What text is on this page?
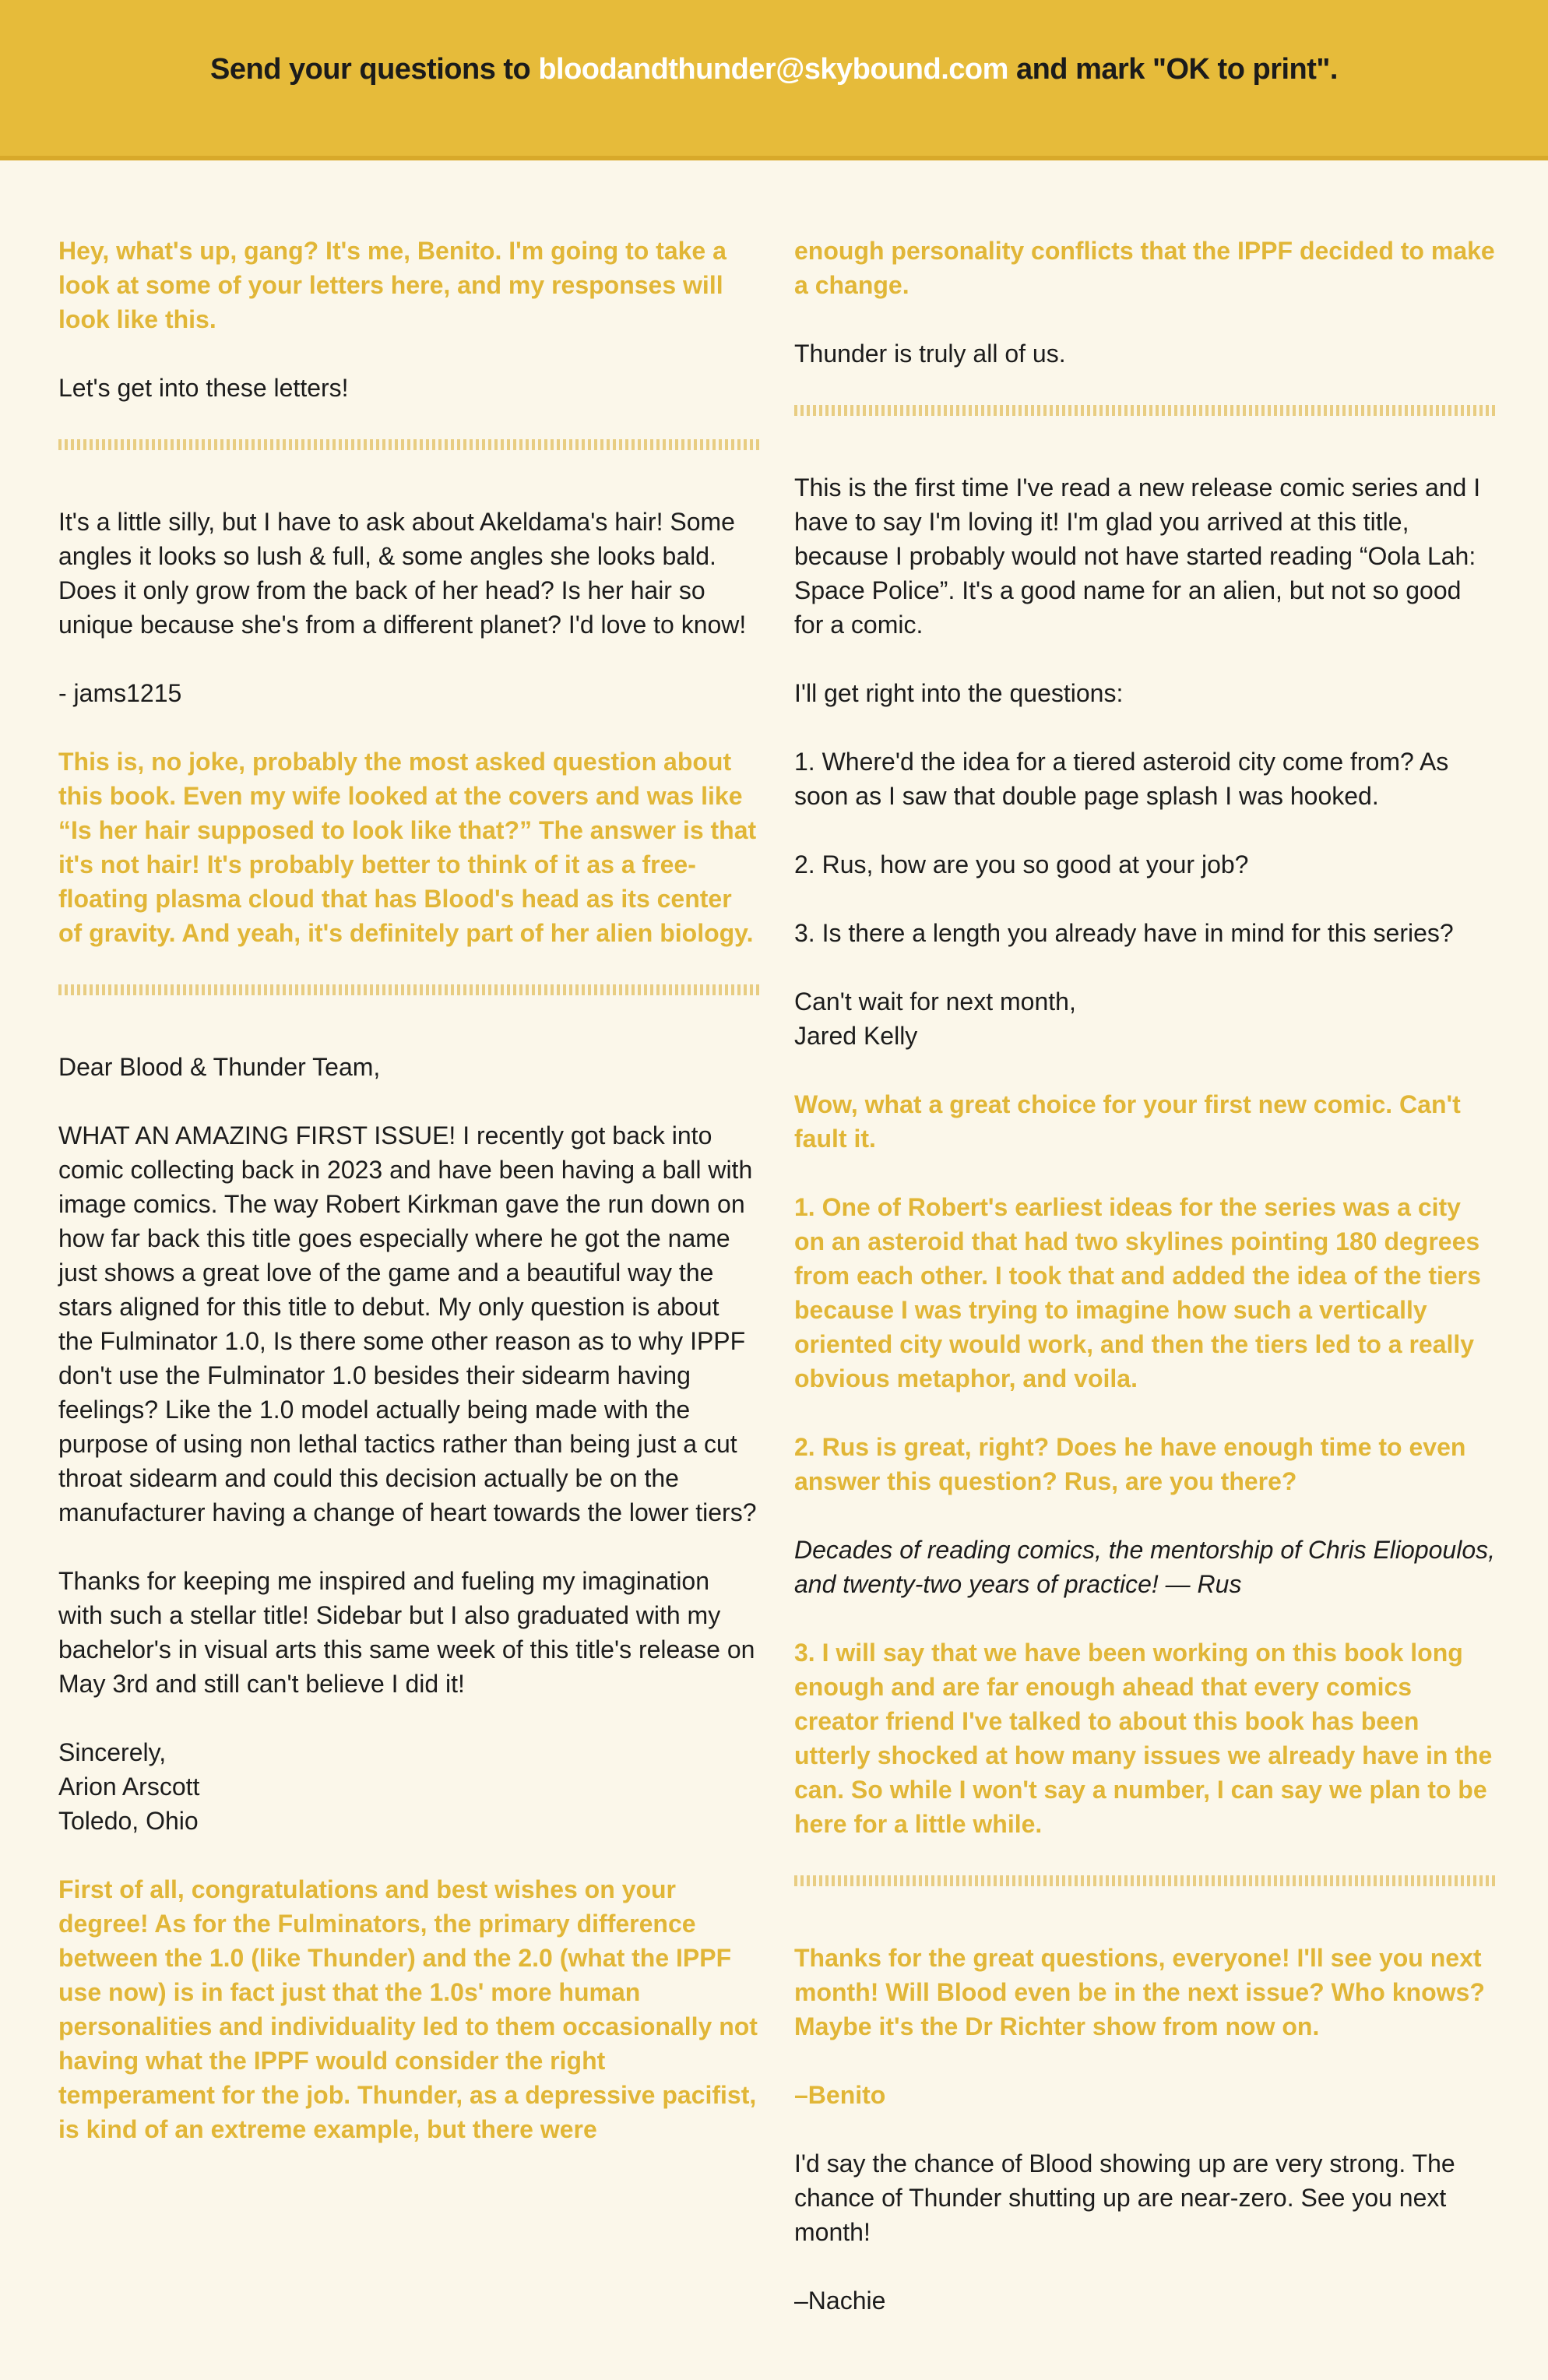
Send your questions to bloodandthunder@skybound.com and mark "OK to print".

Hey, what's up, gang? It's me, Benito. I'm going to take a look at some of your letters here, and my responses will look like this.

Let's get into these letters!

It's a little silly, but I have to ask about Akeldama's hair! Some angles it looks so lush & full, & some angles she looks bald. Does it only grow from the back of her head? Is her hair so unique because she's from a different planet? I'd love to know!

- jams1215

This is, no joke, probably the most asked question about this book. Even my wife looked at the covers and was like “Is her hair supposed to look like that?” The answer is that it's not hair! It's probably better to think of it as a free-floating plasma cloud that has Blood's head as its center of gravity. And yeah, it's definitely part of her alien biology.

Dear Blood & Thunder Team,

WHAT AN AMAZING FIRST ISSUE! I recently got back into comic collecting back in 2023 and have been having a ball with image comics. The way Robert Kirkman gave the run down on how far back this title goes especially where he got the name just shows a great love of the game and a beautiful way the stars aligned for this title to debut. My only question is about the Fulminator 1.0, Is there some other reason as to why IPPF don't use the Fulminator 1.0 besides their sidearm having feelings? Like the 1.0 model actually being made with the purpose of using non lethal tactics rather than being just a cut throat sidearm and could this decision actually be on the manufacturer having a change of heart towards the lower tiers?

Thanks for keeping me inspired and fueling my imagination with such a stellar title! Sidebar but I also graduated with my bachelor's in visual arts this same week of this title's release on May 3rd and still can't believe I did it!

Sincerely,
Arion Arscott
Toledo, Ohio

First of all, congratulations and best wishes on your degree! As for the Fulminators, the primary difference between the 1.0 (like Thunder) and the 2.0 (what the IPPF use now) is in fact just that the 1.0s' more human personalities and individuality led to them occasionally not having what the IPPF would consider the right temperament for the job. Thunder, as a depressive pacifist, is kind of an extreme example, but there were

enough personality conflicts that the IPPF decided to make a change.

Thunder is truly all of us.

This is the first time I've read a new release comic series and I have to say I'm loving it! I'm glad you arrived at this title, because I probably would not have started reading “Oola Lah: Space Police”. It's a good name for an alien, but not so good for a comic.

I'll get right into the questions:

1. Where'd the idea for a tiered asteroid city come from? As soon as I saw that double page splash I was hooked.

2. Rus, how are you so good at your job?

3. Is there a length you already have in mind for this series?

Can't wait for next month,
Jared Kelly

Wow, what a great choice for your first new comic. Can't fault it.

1. One of Robert's earliest ideas for the series was a city on an asteroid that had two skylines pointing 180 degrees from each other. I took that and added the idea of the tiers because I was trying to imagine how such a vertically oriented city would work, and then the tiers led to a really obvious metaphor, and voila.

2. Rus is great, right? Does he have enough time to even answer this question? Rus, are you there?

Decades of reading comics, the mentorship of Chris Eliopoulos, and twenty-two years of practice! — Rus

3. I will say that we have been working on this book long enough and are far enough ahead that every comics creator friend I've talked to about this book has been utterly shocked at how many issues we already have in the can. So while I won't say a number, I can say we plan to be here for a little while.

Thanks for the great questions, everyone! I'll see you next month! Will Blood even be in the next issue? Who knows? Maybe it's the Dr Richter show from now on.

–Benito

I'd say the chance of Blood showing up are very strong. The chance of Thunder shutting up are near-zero. See you next month!

–Nachie
